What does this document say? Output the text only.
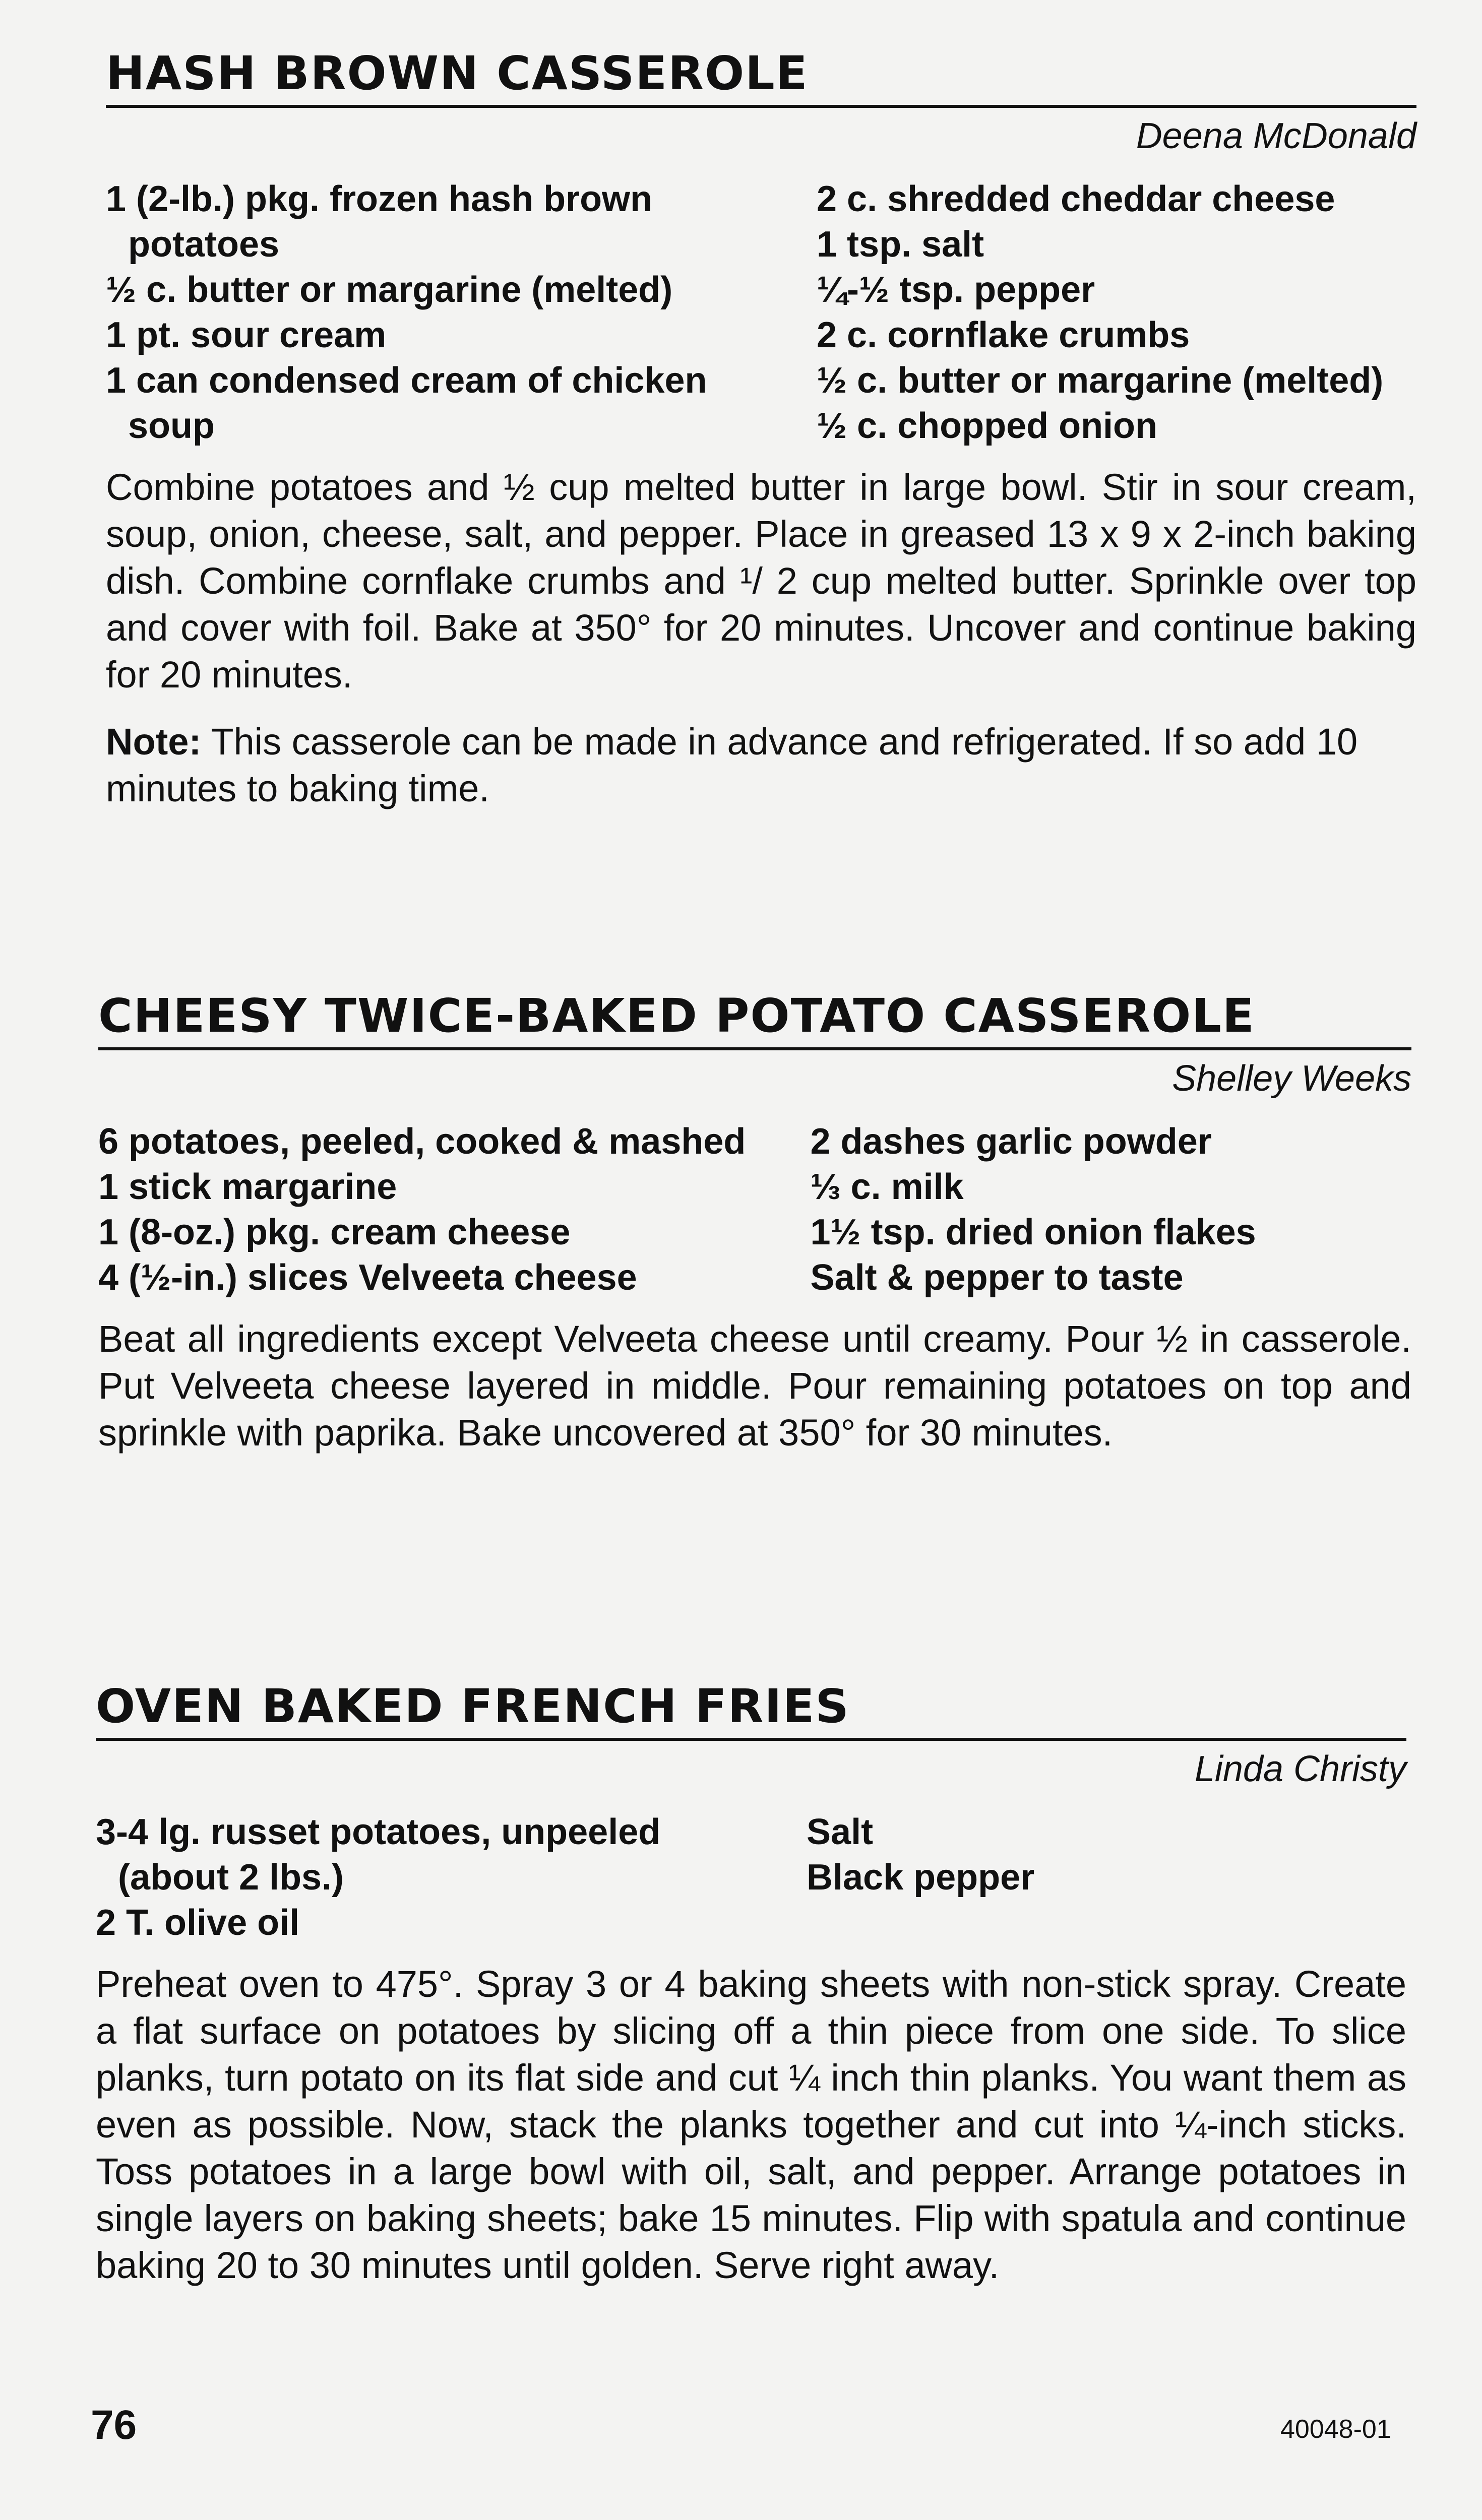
HASH BROWN CASSEROLE
Deena McDonald
1 (2-lb.) pkg. frozen hash brown potatoes
½ c. butter or margarine (melted)
1 pt. sour cream
1 can condensed cream of chicken soup
2 c. shredded cheddar cheese
1 tsp. salt
¼-½ tsp. pepper
2 c. cornflake crumbs
½ c. butter or margarine (melted)
½ c. chopped onion
Combine potatoes and ½ cup melted butter in large bowl. Stir in sour cream, soup, onion, cheese, salt, and pepper. Place in greased 13 x 9 x 2-inch baking dish. Combine cornflake crumbs and ¹/ 2 cup melted butter. Sprinkle over top and cover with foil. Bake at 350° for 20 minutes. Uncover and continue baking for 20 minutes.
Note: This casserole can be made in advance and refrigerated. If so add 10 minutes to baking time.
CHEESY TWICE-BAKED POTATO CASSEROLE
Shelley Weeks
6 potatoes, peeled, cooked & mashed
1 stick margarine
1 (8-oz.) pkg. cream cheese
4 (½-in.) slices Velveeta cheese
2 dashes garlic powder
⅓ c. milk
1½ tsp. dried onion flakes
Salt & pepper to taste
Beat all ingredients except Velveeta cheese until creamy. Pour ½ in casserole. Put Velveeta cheese layered in middle. Pour remaining potatoes on top and sprinkle with paprika. Bake uncovered at 350° for 30 minutes.
OVEN BAKED FRENCH FRIES
Linda Christy
3-4 lg. russet potatoes, unpeeled (about 2 lbs.)
2 T. olive oil
Salt
Black pepper
Preheat oven to 475°. Spray 3 or 4 baking sheets with non-stick spray. Create a flat surface on potatoes by slicing off a thin piece from one side. To slice planks, turn potato on its flat side and cut ¼ inch thin planks. You want them as even as possible. Now, stack the planks together and cut into ¼-inch sticks. Toss potatoes in a large bowl with oil, salt, and pepper. Arrange potatoes in single layers on baking sheets; bake 15 minutes. Flip with spatula and continue baking 20 to 30 minutes until golden. Serve right away.
76	40048-01
